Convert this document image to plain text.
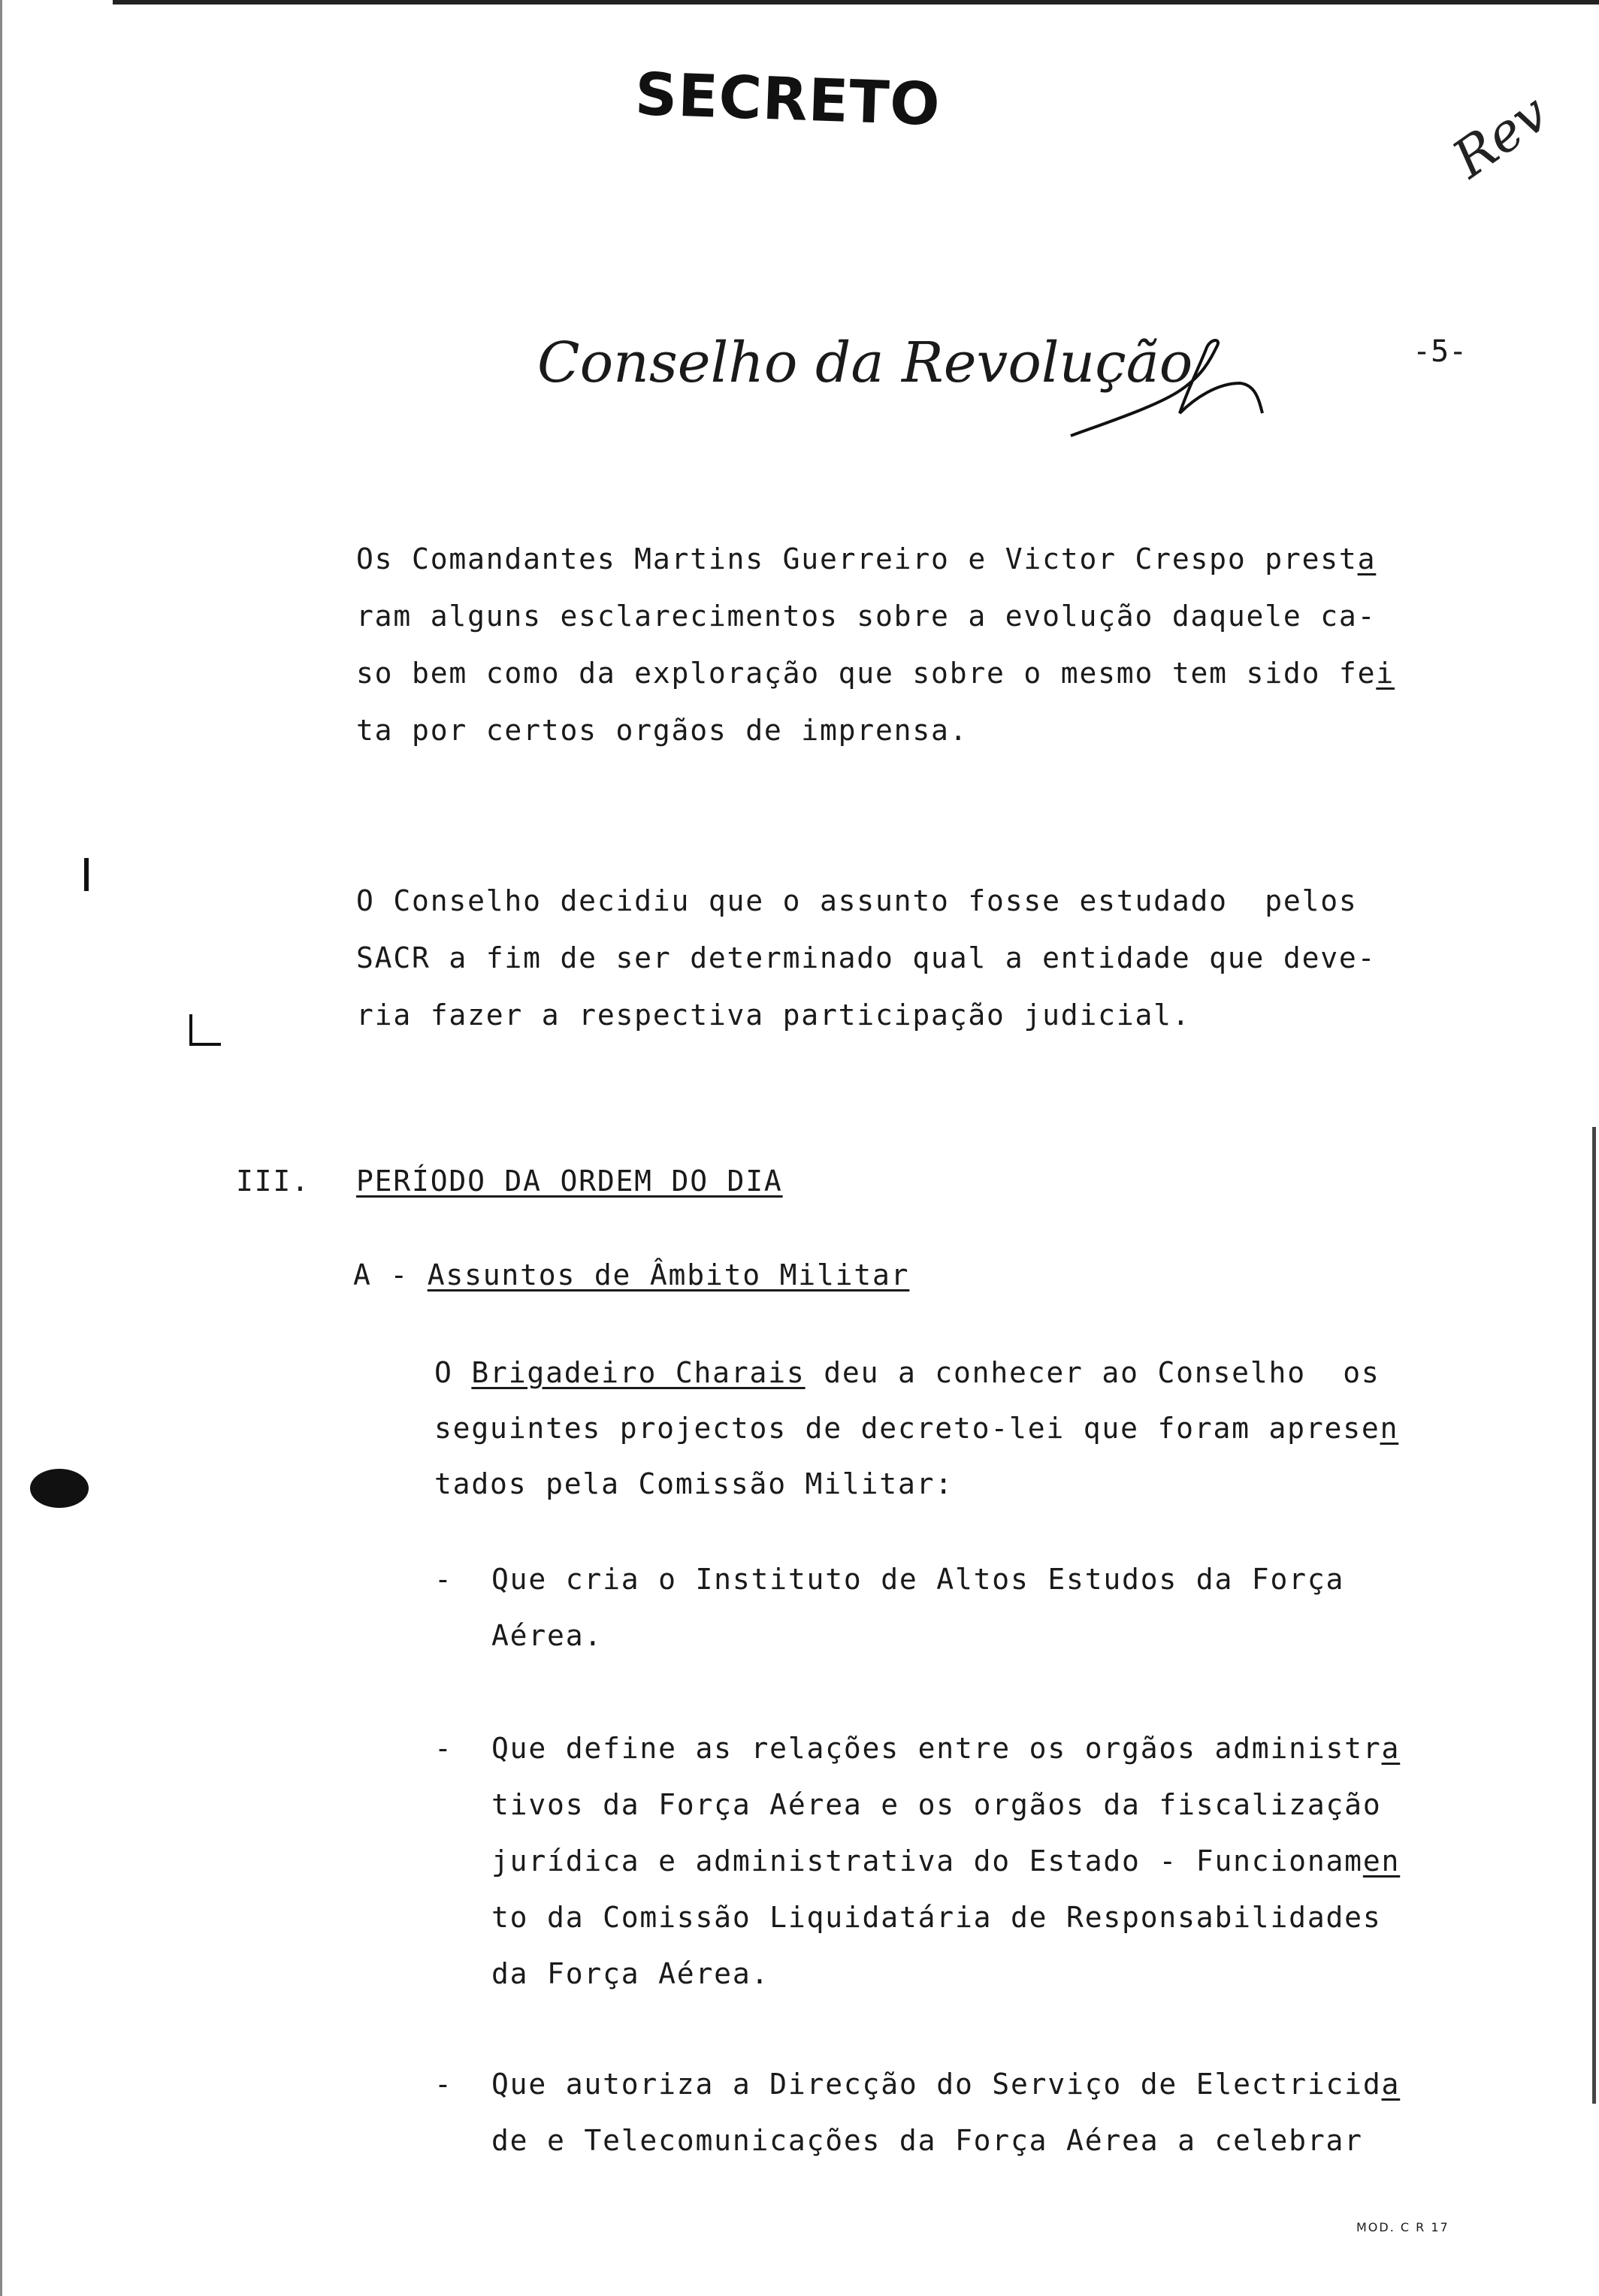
SECRETO	Rev
Conselho da Revolução	-5-
Os Comandantes Martins Guerreiro e Victor Crespo presta
ram alguns esclarecimentos sobre a evolução daquele ca-
so bem como da exploração que sobre o mesmo tem sido fei
ta por certos orgãos de imprensa.
O Conselho decidiu que o assunto fosse estudado  pelos
SACR a fim de ser determinado qual a entidade que deve-
ria fazer a respectiva participação judicial.
III. PERÍODO DA ORDEM DO DIA
A - Assuntos de Âmbito Militar
O Brigadeiro Charais deu a conhecer ao Conselho  os
seguintes projectos de decreto-lei que foram apresen
tados pela Comissão Militar:
- Que cria o Instituto de Altos Estudos da Força
Aérea.
- Que define as relações entre os orgãos administra
tivos da Força Aérea e os orgãos da fiscalização
jurídica e administrativa do Estado - Funcionamen
to da Comissão Liquidatária de Responsabilidades
da Força Aérea.
- Que autoriza a Direcção do Serviço de Electricida
de e Telecomunicações da Força Aérea a celebrar
MOD. C R 17
